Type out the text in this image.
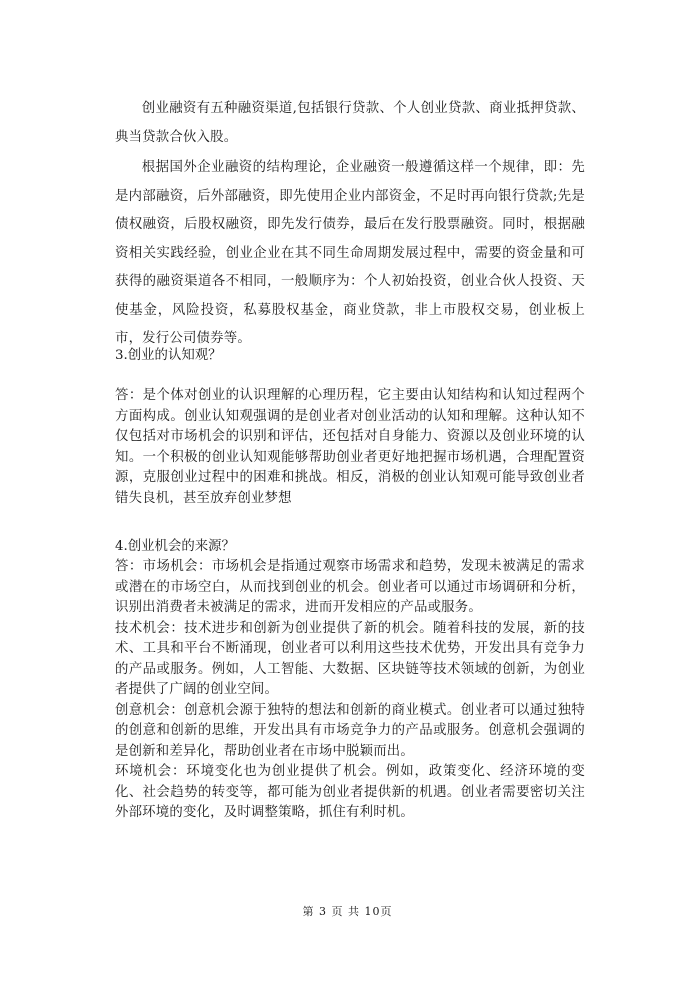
创业融资有五种融资渠道,包括银行贷款、个人创业贷款、商业抵押贷款、典当贷款合伙入股。

根据国外企业融资的结构理论，企业融资一般遵循这样一个规律，即：先是内部融资，后外部融资，即先使用企业内部资金，不足时再向银行贷款;先是债权融资，后股权融资，即先发行债券，最后在发行股票融资。同时，根据融资相关实践经验，创业企业在其不同生命周期发展过程中，需要的资金量和可获得的融资渠道各不相同，一般顺序为：个人初始投资，创业合伙人投资、天使基金，风险投资，私募股权基金，商业贷款，非上市股权交易，创业板上市，发行公司债券等。

3.创业的认知观？

答：是个体对创业的认识理解的心理历程，它主要由认知结构和认知过程两个方面构成。创业认知观强调的是创业者对创业活动的认知和理解。这种认知不仅包括对市场机会的识别和评估，还包括对自身能力、资源以及创业环境的认知。一个积极的创业认知观能够帮助创业者更好地把握市场机遇，合理配置资源，克服创业过程中的困难和挑战。相反，消极的创业认知观可能导致创业者错失良机，甚至放弃创业梦想

4.创业机会的来源？

答：市场机会：市场机会是指通过观察市场需求和趋势，发现未被满足的需求或潜在的市场空白，从而找到创业的机会。创业者可以通过市场调研和分析，识别出消费者未被满足的需求，进而开发相应的产品或服务。

技术机会：技术进步和创新为创业提供了新的机会。随着科技的发展，新的技术、工具和平台不断涌现，创业者可以利用这些技术优势，开发出具有竞争力的产品或服务。例如，人工智能、大数据、区块链等技术领域的创新，为创业者提供了广阔的创业空间。

创意机会：创意机会源于独特的想法和创新的商业模式。创业者可以通过独特的创意和创新的思维，开发出具有市场竞争力的产品或服务。创意机会强调的是创新和差异化，帮助创业者在市场中脱颖而出。

环境机会：环境变化也为创业提供了机会。例如，政策变化、经济环境的变化、社会趋势的转变等，都可能为创业者提供新的机遇。创业者需要密切关注外部环境的变化，及时调整策略，抓住有利时机。

第 3 页 共 10页
